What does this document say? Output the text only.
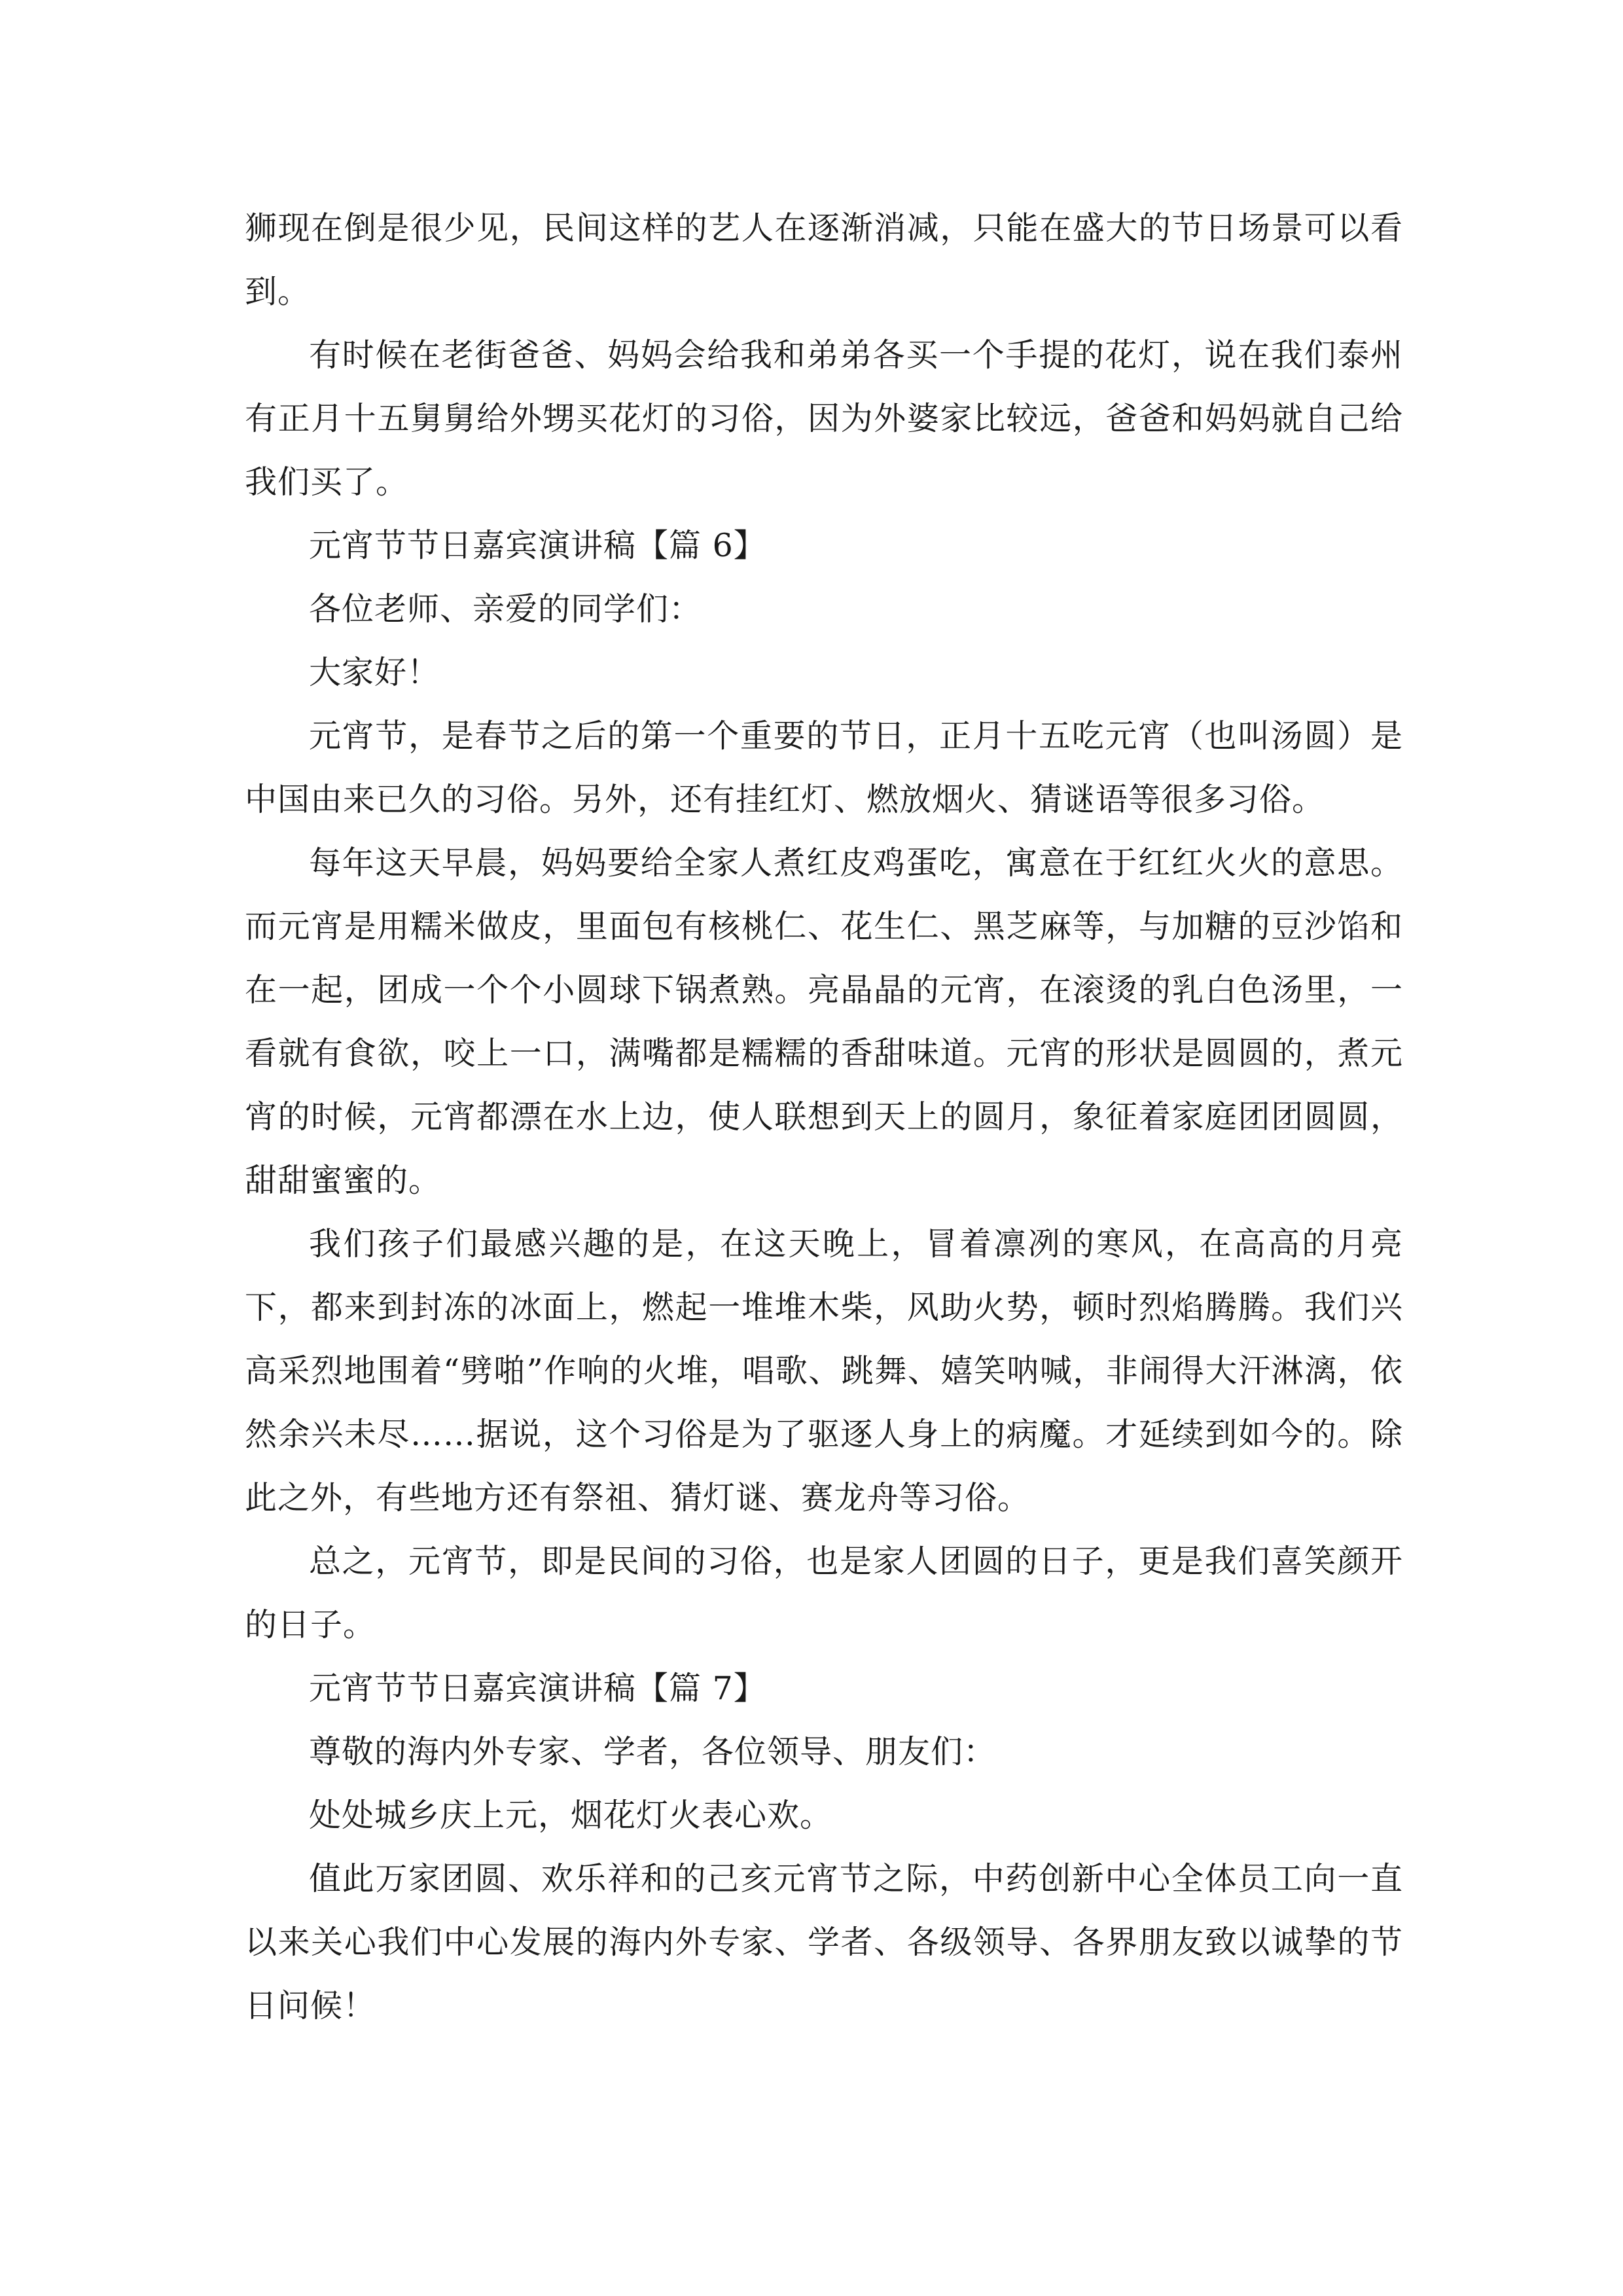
狮现在倒是很少见，民间这样的艺人在逐渐消减，只能在盛大的节日场景可以看到。

有时候在老街爸爸、妈妈会给我和弟弟各买一个手提的花灯，说在我们泰州有正月十五舅舅给外甥买花灯的习俗，因为外婆家比较远，爸爸和妈妈就自己给我们买了。

元宵节节日嘉宾演讲稿【篇 6】

各位老师、亲爱的同学们：

大家好！

元宵节，是春节之后的第一个重要的节日，正月十五吃元宵（也叫汤圆）是中国由来已久的习俗。另外，还有挂红灯、燃放烟火、猜谜语等很多习俗。

每年这天早晨，妈妈要给全家人煮红皮鸡蛋吃，寓意在于红红火火的意思。而元宵是用糯米做皮，里面包有核桃仁、花生仁、黑芝麻等，与加糖的豆沙馅和在一起，团成一个个小圆球下锅煮熟。亮晶晶的元宵，在滚烫的乳白色汤里，一看就有食欲，咬上一口，满嘴都是糯糯的香甜味道。元宵的形状是圆圆的，煮元宵的时候，元宵都漂在水上边，使人联想到天上的圆月，象征着家庭团团圆圆，甜甜蜜蜜的。

我们孩子们最感兴趣的是，在这天晚上，冒着凛冽的寒风，在高高的月亮下，都来到封冻的冰面上，燃起一堆堆木柴，风助火势，顿时烈焰腾腾。我们兴高采烈地围着“劈啪”作响的火堆，唱歌、跳舞、嬉笑呐喊，非闹得大汗淋漓，依然余兴未尽……据说，这个习俗是为了驱逐人身上的病魔。才延续到如今的。除此之外，有些地方还有祭祖、猜灯谜、赛龙舟等习俗。

总之，元宵节，即是民间的习俗，也是家人团圆的日子，更是我们喜笑颜开的日子。

元宵节节日嘉宾演讲稿【篇 7】

尊敬的海内外专家、学者，各位领导、朋友们：

处处城乡庆上元，烟花灯火表心欢。

值此万家团圆、欢乐祥和的己亥元宵节之际，中药创新中心全体员工向一直以来关心我们中心发展的海内外专家、学者、各级领导、各界朋友致以诚挚的节日问候！
